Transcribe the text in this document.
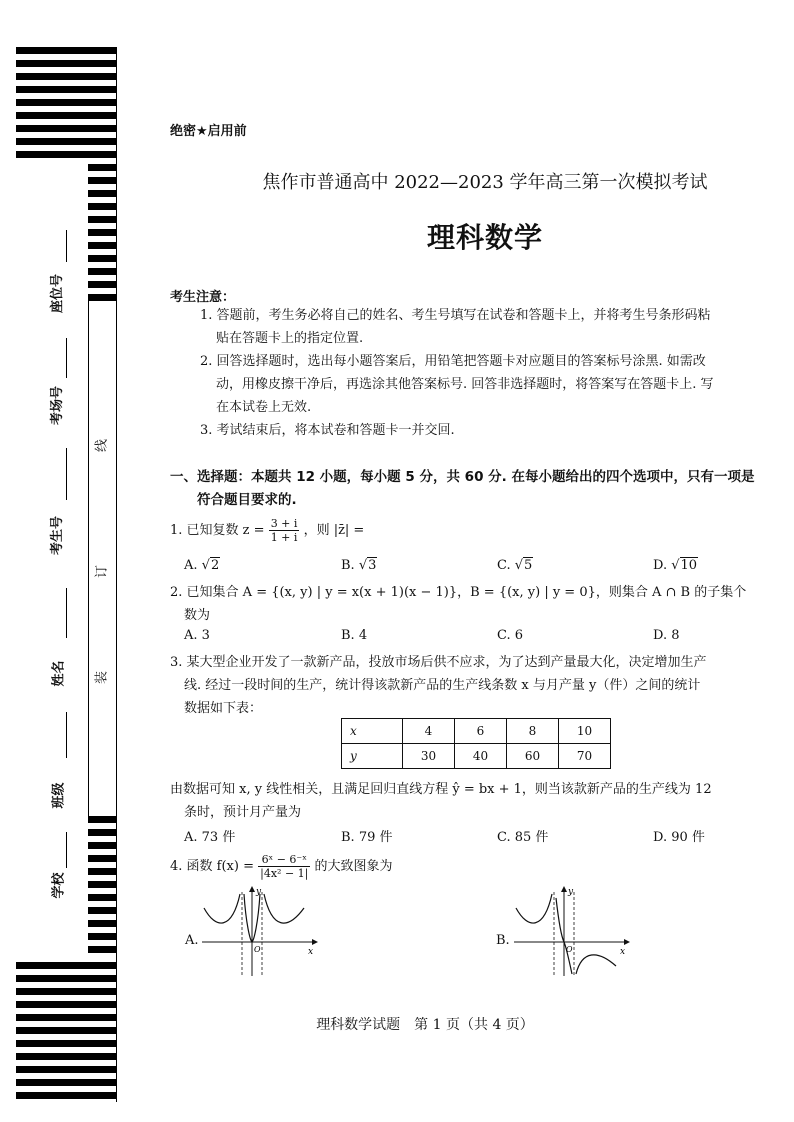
座位号
考场号
考生号
姓名
班级
学校
线
订
装
绝密★启用前
焦作市普通高中 2022—2023 学年高三第一次模拟考试
理科数学
考生注意：
1. 答题前，考生务必将自己的姓名、考生号填写在试卷和答题卡上，并将考生号条形码粘
贴在答题卡上的指定位置.
2. 回答选择题时，选出每小题答案后，用铅笔把答题卡对应题目的答案标号涂黑. 如需改
动，用橡皮擦干净后，再选涂其他答案标号. 回答非选择题时，将答案写在答题卡上. 写
在本试卷上无效.
3. 考试结束后，将本试卷和答题卡一并交回.
一、选择题：本题共 12 小题，每小题 5 分，共 60 分. 在每小题给出的四个选项中，只有一项是
符合题目要求的.
1. 已知复数 $z = \frac{3 + i}{1 + i}$ ，则 |z̄| =
A. √2	B. √3	C. √5	D. √10
2. 已知集合 A = {(x, y) | y = x(x + 1)(x − 1)}，B = {(x, y) | y = 0}，则集合 A ∩ B 的子集个
数为
A. 3	B. 4	C. 6	D. 8
3. 某大型企业开发了一款新产品，投放市场后供不应求，为了达到产量最大化，决定增加生产
线. 经过一段时间的生产，统计得该款新产品的生产线条数 x 与月产量 y（件）之间的统计
数据如下表：
x	4	6	8	10
y	30	40	60	70
由数据可知 x, y 线性相关，且满足回归直线方程 ŷ = bx + 1，则当该款新产品的生产线为 12
条时，预计月产量为
A. 73 件	B. 79 件	C. 85 件	D. 90 件
4. 函数 $f(x) = \frac{\text{6ˣ − 6⁻ˣ}}{\text{|4x² − 1|}}$ 的大致图象为
A.
y
x
O
B.
y
x
O
理科数学试题　第 1 页（共 4 页）
